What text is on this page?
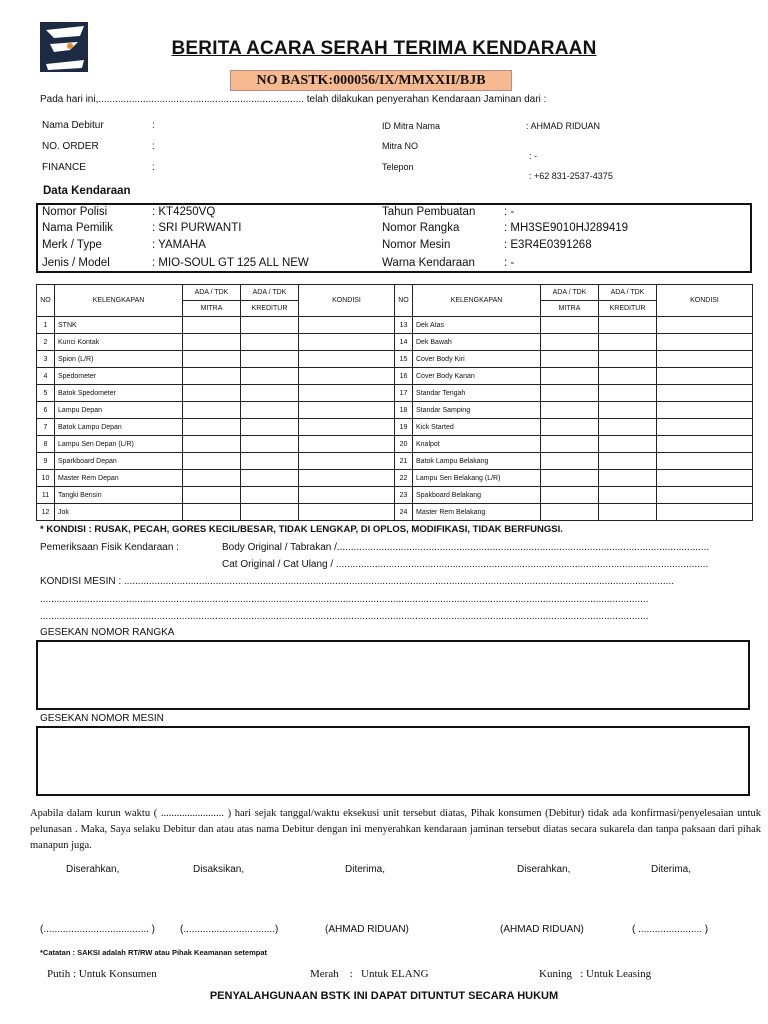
BERITA ACARA SERAH TERIMA KENDARAAN
NO BASTK:000056/IX/MMXXII/BJB
Pada hari ini,.......................................................................... telah dilakukan penyerahan Kendaraan Jaminan dari :
Nama Debitur	:
NO. ORDER	:
FINANCE	:
ID Mitra Nama
Mitra NO
Telepon
: AHMAD RIDUAN
: -
: +62 831-2537-4375
Data Kendaraan
Nomor Polisi	: KT4250VQ
Nama Pemilik	: SRI PURWANTI
Merk / Type	: YAMAHA
Jenis / Model	: MIO-SOUL GT 125 ALL NEW
Tahun Pembuatan : -
Nomor Rangka	: MH3SE9010HJ289419
Nomor Mesin	: E3R4E0391268
Warna Kendaraan	: -
NO	KELENGKAPAN	ADA / TDK	ADA / TDK	KONDISI	NO	KELENGKAPAN	ADA / TDK	ADA / TDK	KONDISI
		MITRA	KREDITUR				MITRA	KREDITUR	
1	STNK				13	Dek Atas			
2	Kunci Kontak				14	Dek Bawah			
3	Spion (L/R)				15	Cover Body Kiri			
4	Spedometer				16	Cover Body Kanan			
5	Batok Spedometer				17	Standar Tengah			
6	Lampu Depan				18	Standar Samping			
7	Batok Lampu Depan				19	Kick Started			
8	Lampu Sen Depan (L/R)				20	Knalpot			
9	Sparkboard Depan				21	Batok Lampu Belakang			
10	Master Rem Depan				22	Lampu Sen Belakang (L/R)			
11	Tangki Bensin				23	Spakboard Belakang			
12	Jok				24	Master Rem Belakang			
* KONDISI : RUSAK, PECAH, GORES KECIL/BESAR, TIDAK LENGKAP, DI OPLOS, MODIFIKASI, TIDAK BERFUNGSI.
Pemeriksaan Fisik Kendaraan :	Body Original / Tabrakan /......................................................................................................................................
Cat Original / Cat Ulang / ......................................................................................................................................
KONDISI MESIN : ......................................................................................................................................................................................................
...........................................................................................................................................................................................................................
...........................................................................................................................................................................................................................
GESEKAN NOMOR RANGKA
GESEKAN NOMOR MESIN
Apabila dalam kurun waktu ( ........................ ) hari sejak tanggal/waktu eksekusi unit tersebut diatas, Pihak konsumen (Debitur) tidak ada konfirmasi/penyelesaian untuk pelunasan . Maka, Saya selaku Debitur dan atau atas nama Debitur dengan ini menyerahkan kendaraan jaminan tersebut diatas secara sukarela dan tanpa paksaan dari pihak manapun juga.
Diserahkan,	Disaksikan,	Diterima,	Diserahkan,	Diterima,
(...................................... ) (.................................)	(AHMAD RIDUAN)	(AHMAD RIDUAN)	( ....................... )
*Catatan : SAKSI adalah RT/RW atau Pihak Keamanan setempat
Putih : Untuk Konsumen	Merah    :   Untuk ELANG	Kuning   : Untuk Leasing
PENYALAHGUNAAN BSTK INI DAPAT DITUNTUT SECARA HUKUM
